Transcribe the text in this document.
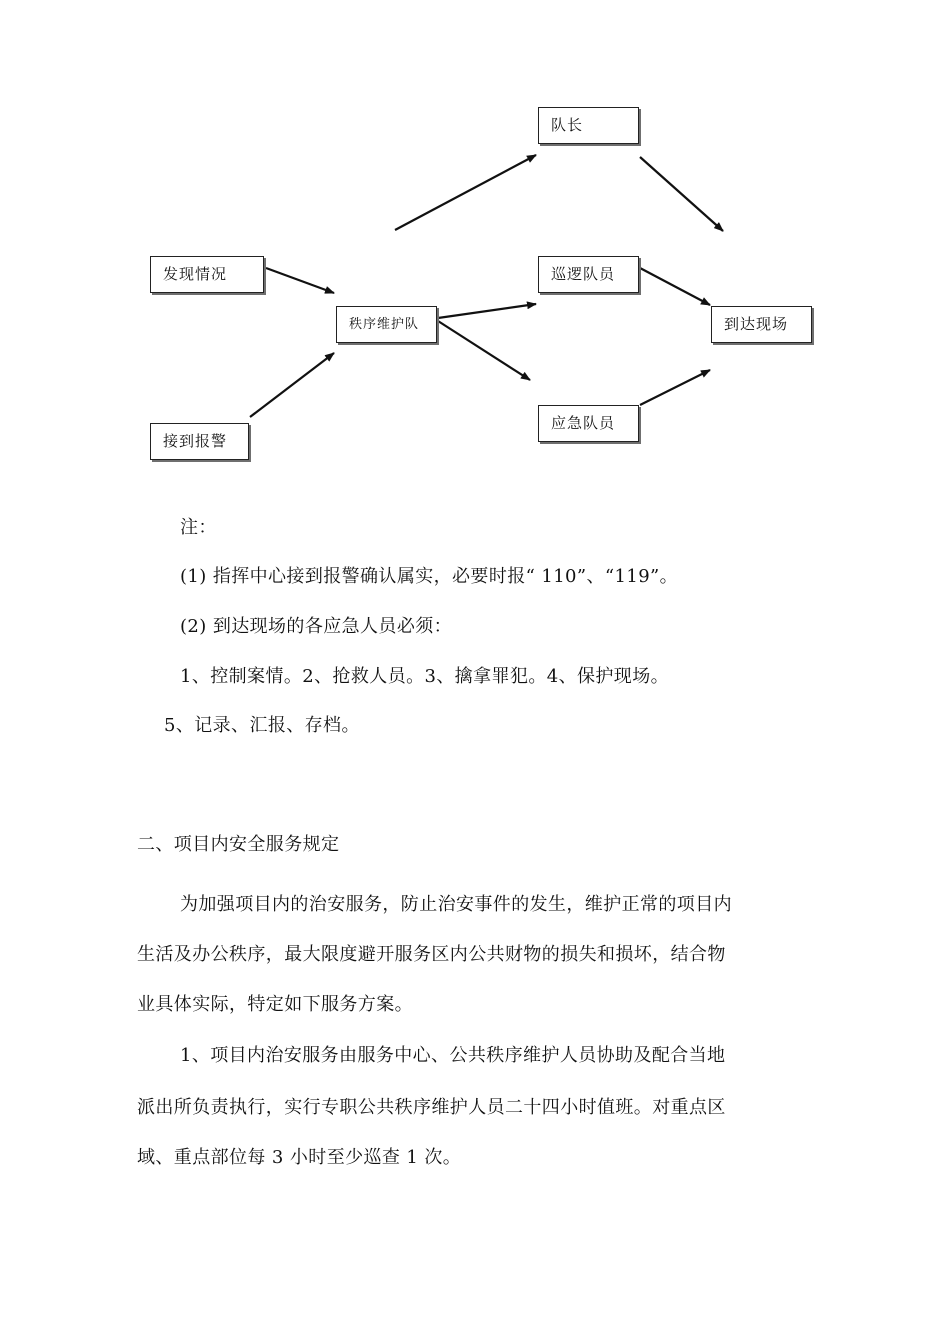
发现情况
接到报警
秩序维护队
队长
巡逻队员
应急队员
到达现场
注：
(1) 指挥中心接到报警确认属实，必要时报“ 110”、“119”。
(2) 到达现场的各应急人员必须：
1、控制案情。2、抢救人员。3、擒拿罪犯。4、保护现场。
5、记录、汇报、存档。
二、项目内安全服务规定
为加强项目内的治安服务，防止治安事件的发生，维护正常的项目内
生活及办公秩序，最大限度避开服务区内公共财物的损失和损坏，结合物
业具体实际，特定如下服务方案。
1、项目内治安服务由服务中心、公共秩序维护人员协助及配合当地
派出所负责执行，实行专职公共秩序维护人员二十四小时值班。对重点区
域、重点部位每 3 小时至少巡查 1 次。
